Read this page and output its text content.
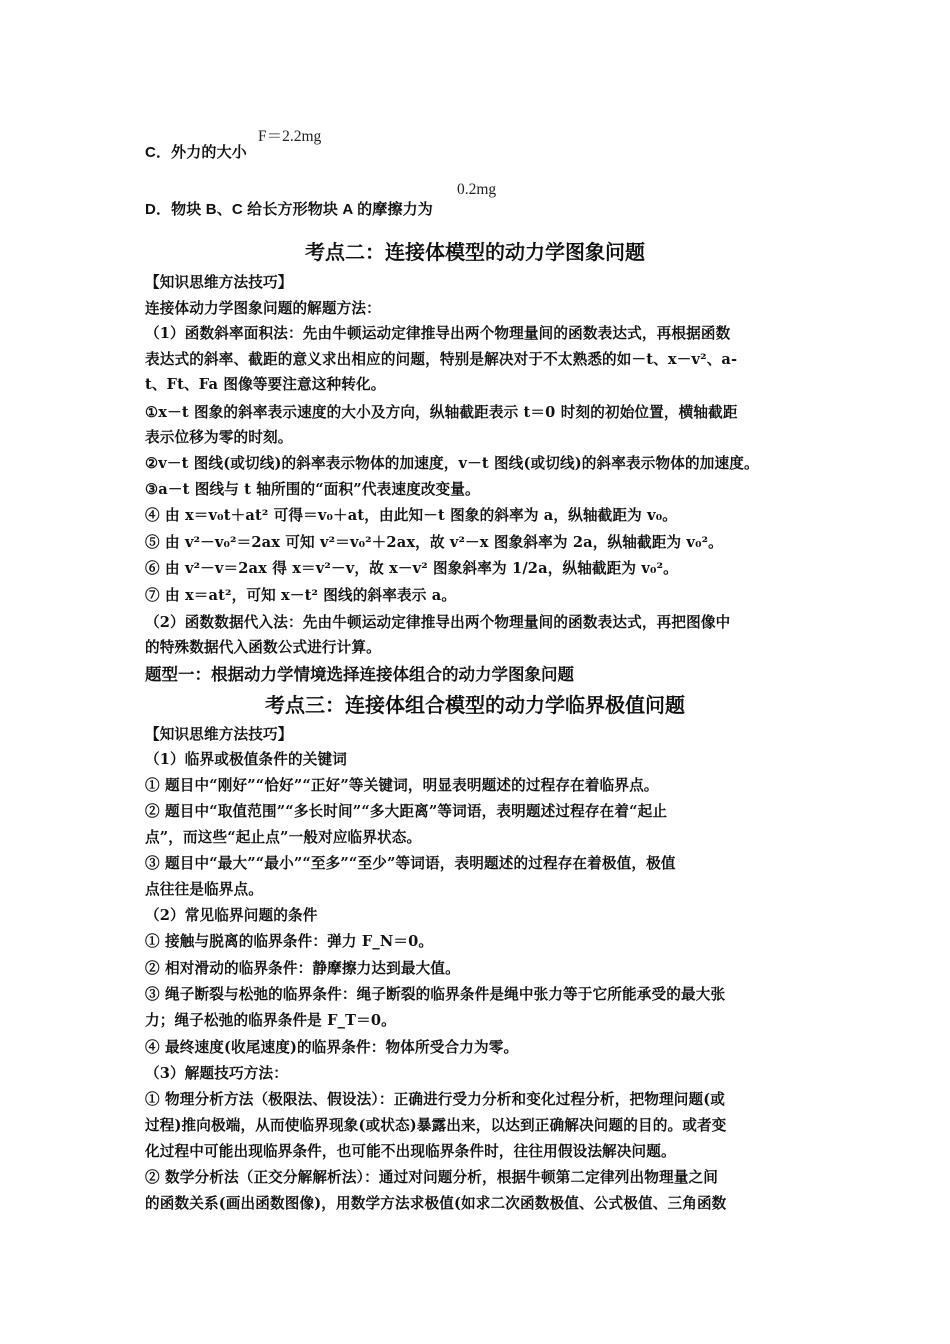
F＝2.2mg
C．外力的大小
0.2mg
D．物块 B、C 给长方形物块 A 的摩擦力为
考点二：连接体模型的动力学图象问题
【知识思维方法技巧】
连接体动力学图象问题的解题方法：
（1）函数斜率面积法：先由牛顿运动定律推导出两个物理量间的函数表达式，再根据函数
表达式的斜率、截距的意义求出相应的问题，特别是解决对于不太熟悉的如－t、x－v²、a-
t、Ft、Fa 图像等要注意这种转化。
①x－t 图象的斜率表示速度的大小及方向，纵轴截距表示 t＝0 时刻的初始位置，横轴截距
表示位移为零的时刻。
②v－t 图线(或切线)的斜率表示物体的加速度，v－t 图线(或切线)的斜率表示物体的加速度。
③a－t 图线与 t 轴所围的“面积”代表速度改变量。
④ 由 x＝v₀t＋at² 可得＝v₀＋at，由此知－t 图象的斜率为 a，纵轴截距为 v₀。
⑤ 由 v²－v₀²＝2ax 可知 v²＝v₀²＋2ax，故 v²－x 图象斜率为 2a，纵轴截距为 v₀²。
⑥ 由 v²－v＝2ax 得 x＝v²－v，故 x－v² 图象斜率为 1/2a，纵轴截距为 v₀²。
⑦ 由 x＝at²，可知 x－t² 图线的斜率表示 a。
（2）函数数据代入法：先由牛顿运动定律推导出两个物理量间的函数表达式，再把图像中
的特殊数据代入函数公式进行计算。
题型一：根据动力学情境选择连接体组合的动力学图象问题
考点三：连接体组合模型的动力学临界极值问题
【知识思维方法技巧】
（1）临界或极值条件的关键词
① 题目中“刚好”“恰好”“正好”等关键词，明显表明题述的过程存在着临界点。
② 题目中“取值范围”“多长时间”“多大距离”等词语，表明题述过程存在着“起止
点”，而这些“起止点”一般对应临界状态。
③ 题目中“最大”“最小”“至多”“至少”等词语，表明题述的过程存在着极值，极值
点往往是临界点。
（2）常见临界问题的条件
① 接触与脱离的临界条件：弹力 F_N＝0。
② 相对滑动的临界条件：静摩擦力达到最大值。
③ 绳子断裂与松弛的临界条件：绳子断裂的临界条件是绳中张力等于它所能承受的最大张
力；绳子松弛的临界条件是 F_T＝0。
④ 最终速度(收尾速度)的临界条件：物体所受合力为零。
（3）解题技巧方法：
① 物理分析方法（极限法、假设法）：正确进行受力分析和变化过程分析，把物理问题(或
过程)推向极端，从而使临界现象(或状态)暴露出来，以达到正确解决问题的目的。或者变
化过程中可能出现临界条件，也可能不出现临界条件时，往往用假设法解决问题。
② 数学分析法（正交分解解析法）：通过对问题分析，根据牛顿第二定律列出物理量之间
的函数关系(画出函数图像)，用数学方法求极值(如求二次函数极值、公式极值、三角函数
